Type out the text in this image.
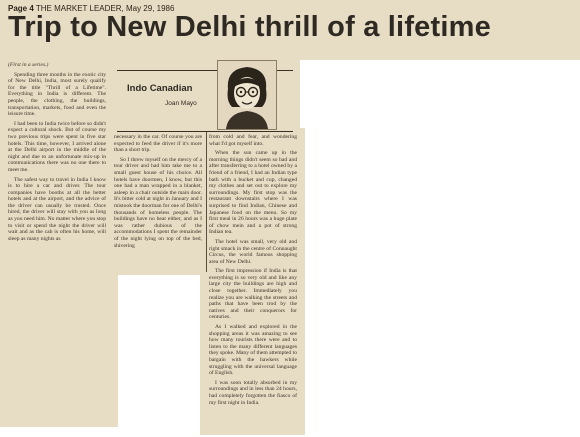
Page 4 THE MARKET LEADER, May 29, 1986
Trip to New Delhi thrill of a lifetime

(First in a series.)

Spending three months in the exotic city of New Delhi, India, most surely qualify for the title "Thrill of a Lifetime". Everything in India is different. The people, the clothing, the buildings, transportation, markets, food and even the leisure time.

I had been to India twice before so didn't expect a cultural shock. But of course my two previous trips were spent in five star hotels. This time, however, I arrived alone at the Delhi airport in the middle of the night and due to an unfortunate mix-up in communications there was no one there to meet me.

The safest way to travel in India I know is to hire a car and driver. The tour companies have booths at all the better hotels and at the airport, and the advice of the driver can usually be trusted. Once hired, the driver will stay with you as long as you need him. No matter where you stop to visit or spend the night the driver will wait and as the cab is often his home, will sleep as many nights as

Indo Canadian
Joan Mayo

necessary in the car. Of course you are expected to feed the driver if it's more than a short trip.

So I threw myself on the mercy of a tour driver and had him take me to a small guest house of his choice. All hotels have doormen, I know, but this one had a man wrapped in a blanket, asleep in a chair outside the main door. It's bitter cold at night in January and I mistook the doorman for one of Delhi's thousands of homeless people. The buildings have no heat either, and as I was rather dubious of the accommodations I spent the remainder of the night lying on top of the bed, shivering

from cold and fear, and wondering what I'd got myself into.

When the sun came up in the morning things didn't seem so bad and after transferring to a hotel owned by a friend of a friend, I had an Indian type bath with a bucket and cup, changed my clothes and set out to explore my surroundings. My first stop was the restaurant downstairs where I was surprised to find Indian, Chinese and Japanese food on the menu. So my first meal in 26 hours was a huge plate of chow mein and a pot of strong Indian tea.

The hotel was small, very old and right smack in the centre of Connaught Circus, the world famous shopping area of New Delhi.

The first impression if India is that everything is so very old and like any large city the buildings are high and close together. Immediately you realize you are walking the streets and paths that have been trod by the natives and their conquerors for centuries.

As I walked and explored in the shopping areas it was amazing to see how many tourists there were and to listen to the many different languages they spoke. Many of them attempted to bargain with the hawkers while struggling with the universal language of English.

I was soon totally absorbed in my surroundings and in less than 24 hours, had completely forgotten the fiasco of my first night in India.
